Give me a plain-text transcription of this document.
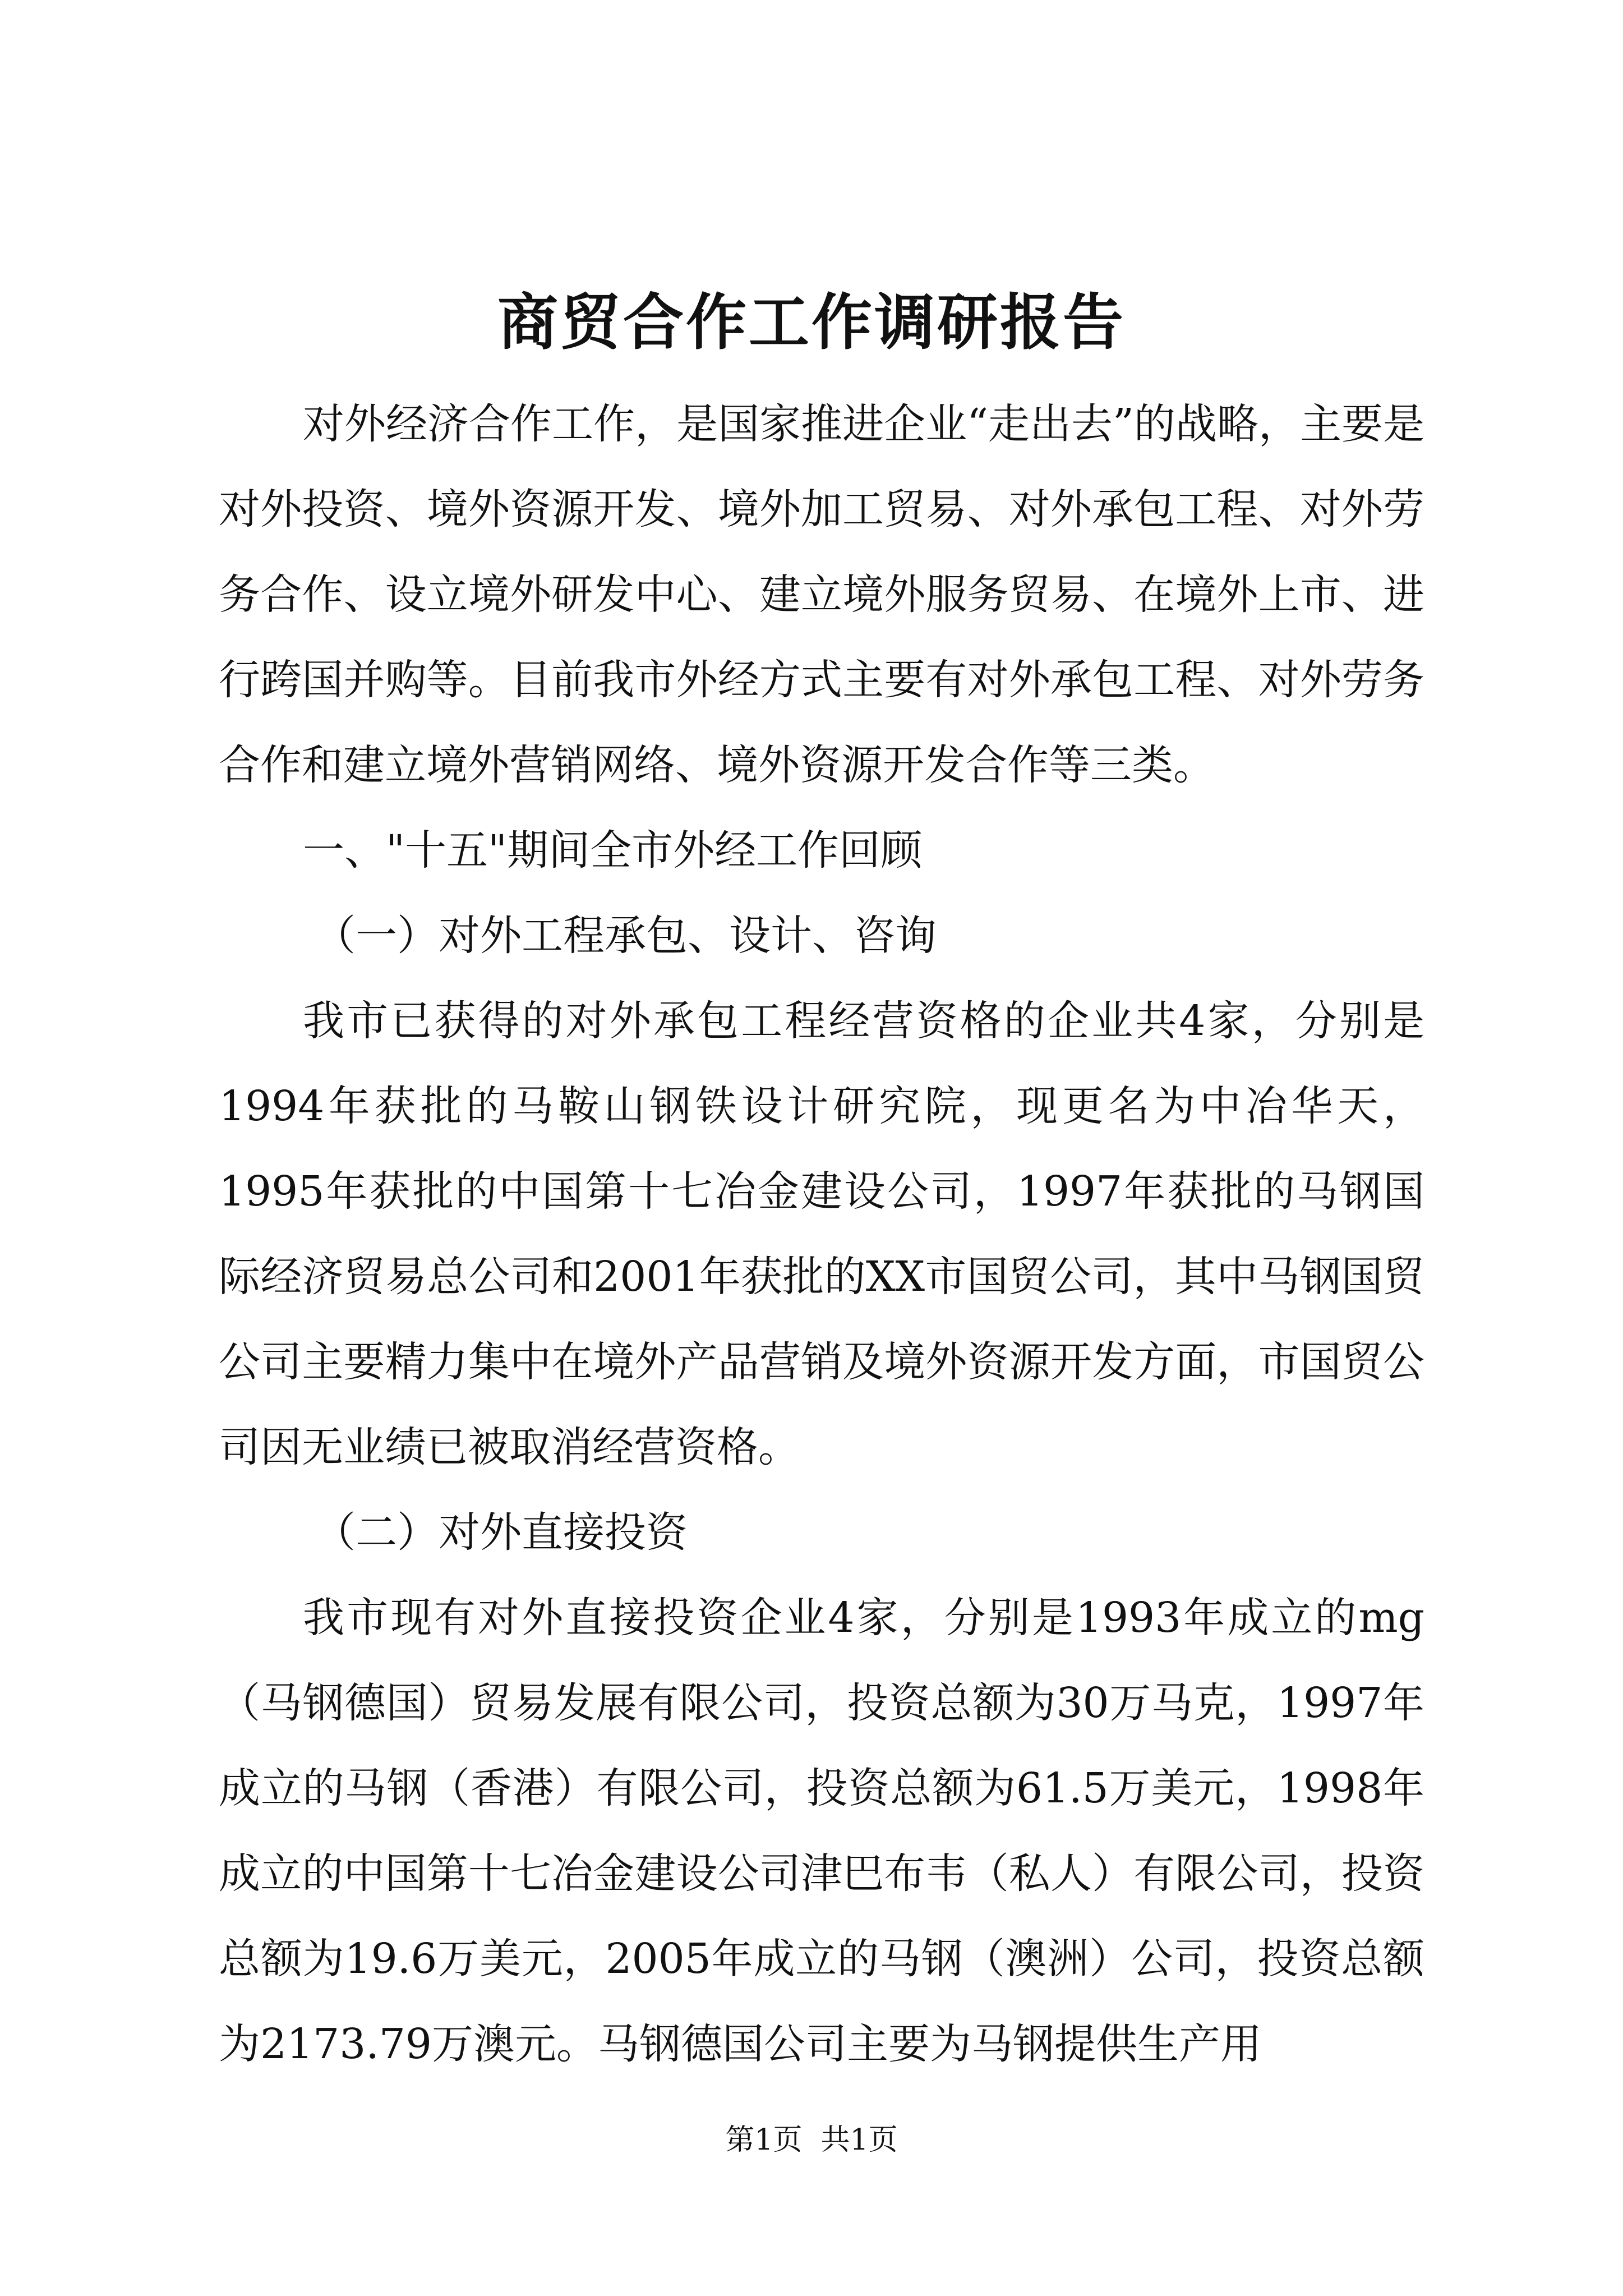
商贸合作工作调研报告

对外经济合作工作，是国家推进企业“走出去”的战略，主要是对外投资、境外资源开发、境外加工贸易、对外承包工程、对外劳务合作、设立境外研发中心、建立境外服务贸易、在境外上市、进行跨国并购等。目前我市外经方式主要有对外承包工程、对外劳务合作和建立境外营销网络、境外资源开发合作等三类。

一、"十五"期间全市外经工作回顾

（一）对外工程承包、设计、咨询

我市已获得的对外承包工程经营资格的企业共4家，分别是1994年获批的马鞍山钢铁设计研究院，现更名为中冶华天，1995年获批的中国第十七冶金建设公司，1997年获批的马钢国际经济贸易总公司和2001年获批的XX市国贸公司，其中马钢国贸公司主要精力集中在境外产品营销及境外资源开发方面，市国贸公司因无业绩已被取消经营资格。

（二）对外直接投资

我市现有对外直接投资企业4家，分别是1993年成立的mg（马钢德国）贸易发展有限公司，投资总额为30万马克，1997年成立的马钢（香港）有限公司，投资总额为61.5万美元，1998年成立的中国第十七冶金建设公司津巴布韦（私人）有限公司，投资总额为19.6万美元，2005年成立的马钢（澳洲）公司，投资总额为2173.79万澳元。马钢德国公司主要为马钢提供生产用

第1页  共1页
